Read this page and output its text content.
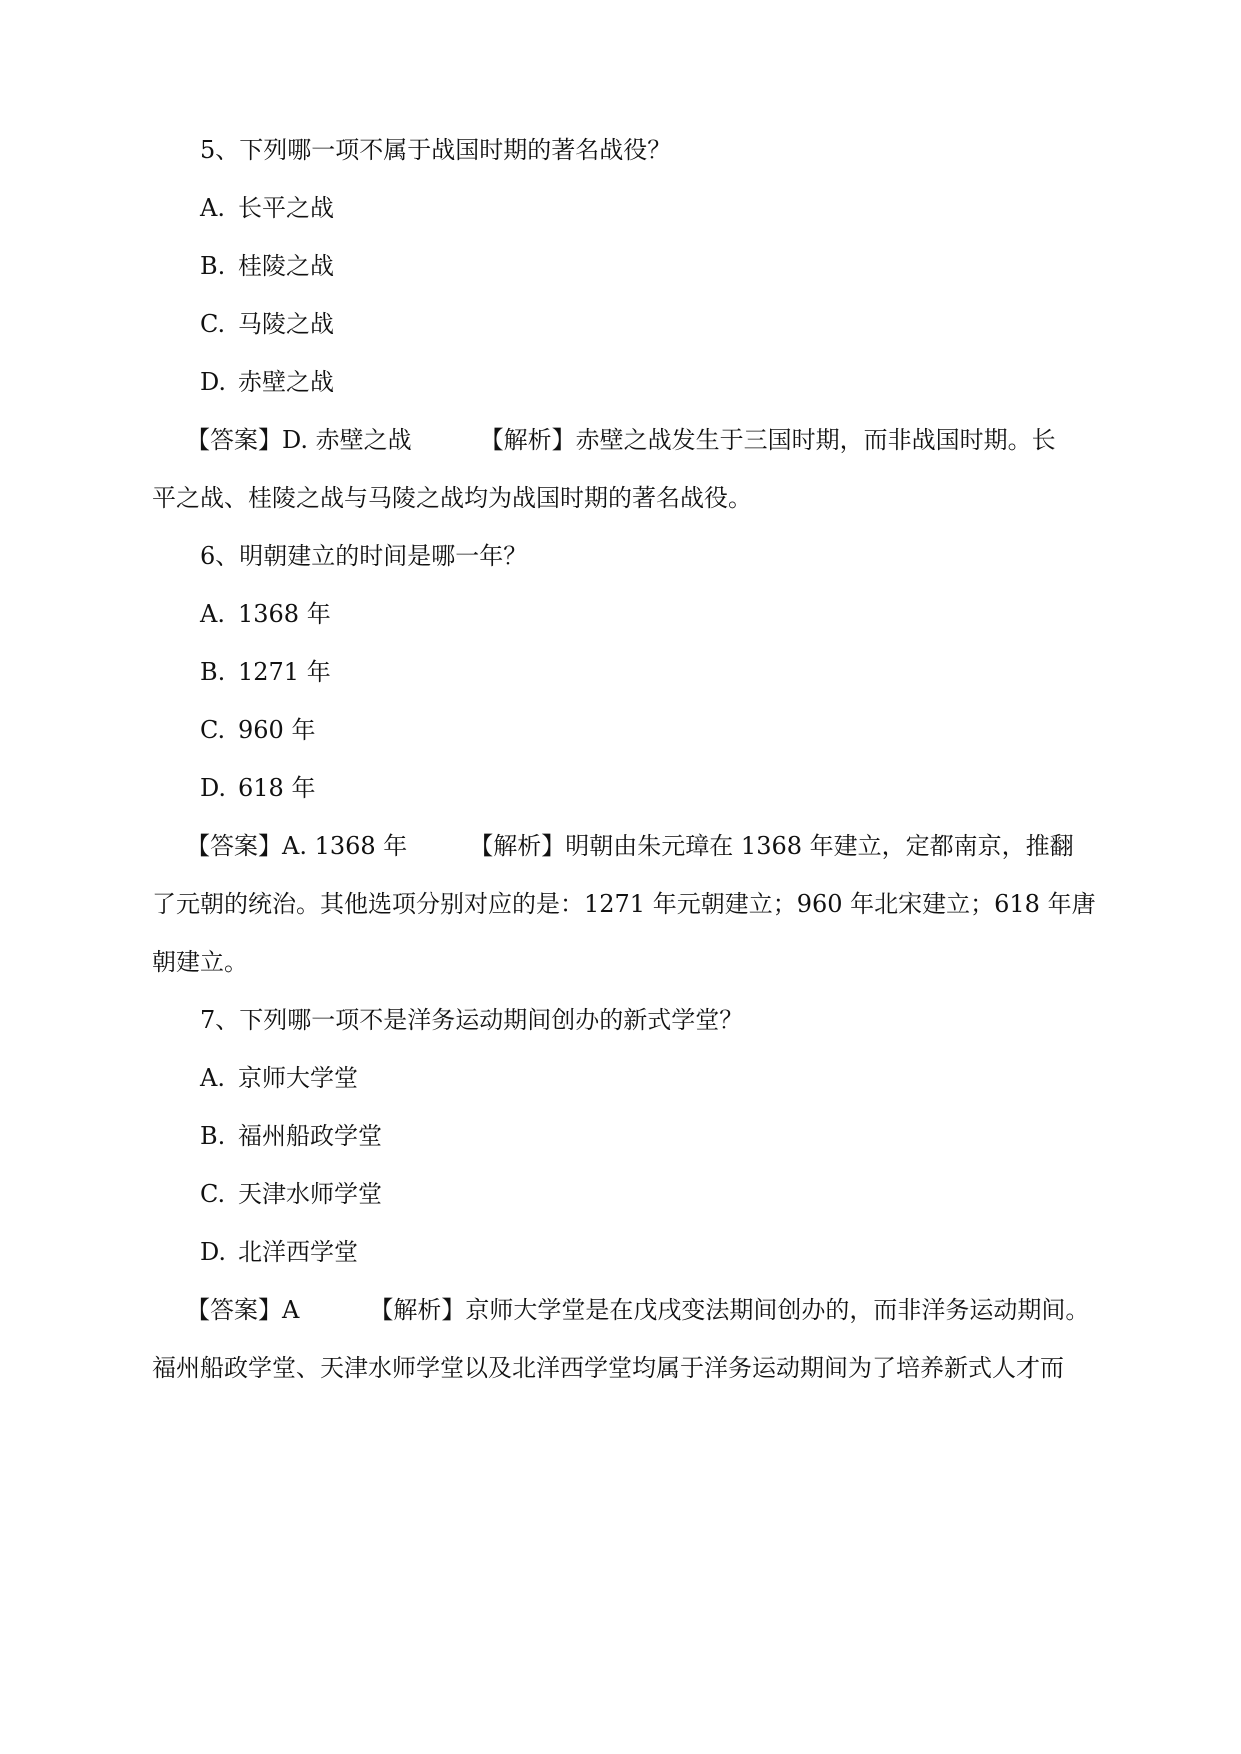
5、下列哪一项不属于战国时期的著名战役？
A. 长平之战
B. 桂陵之战
C. 马陵之战
D. 赤壁之战
【答案】D. 赤壁之战	【解析】赤壁之战发生于三国时期，而非战国时期。长
平之战、桂陵之战与马陵之战均为战国时期的著名战役。
6、明朝建立的时间是哪一年？
A. 1368 年
B. 1271 年
C. 960 年
D. 618 年
【答案】A. 1368 年	【解析】明朝由朱元璋在 1368 年建立，定都南京，推翻
了元朝的统治。其他选项分别对应的是：1271 年元朝建立；960 年北宋建立；618 年唐
朝建立。
7、下列哪一项不是洋务运动期间创办的新式学堂？
A. 京师大学堂
B. 福州船政学堂
C. 天津水师学堂
D. 北洋西学堂
【答案】A	【解析】京师大学堂是在戊戌变法期间创办的，而非洋务运动期间。
福州船政学堂、天津水师学堂以及北洋西学堂均属于洋务运动期间为了培养新式人才而
